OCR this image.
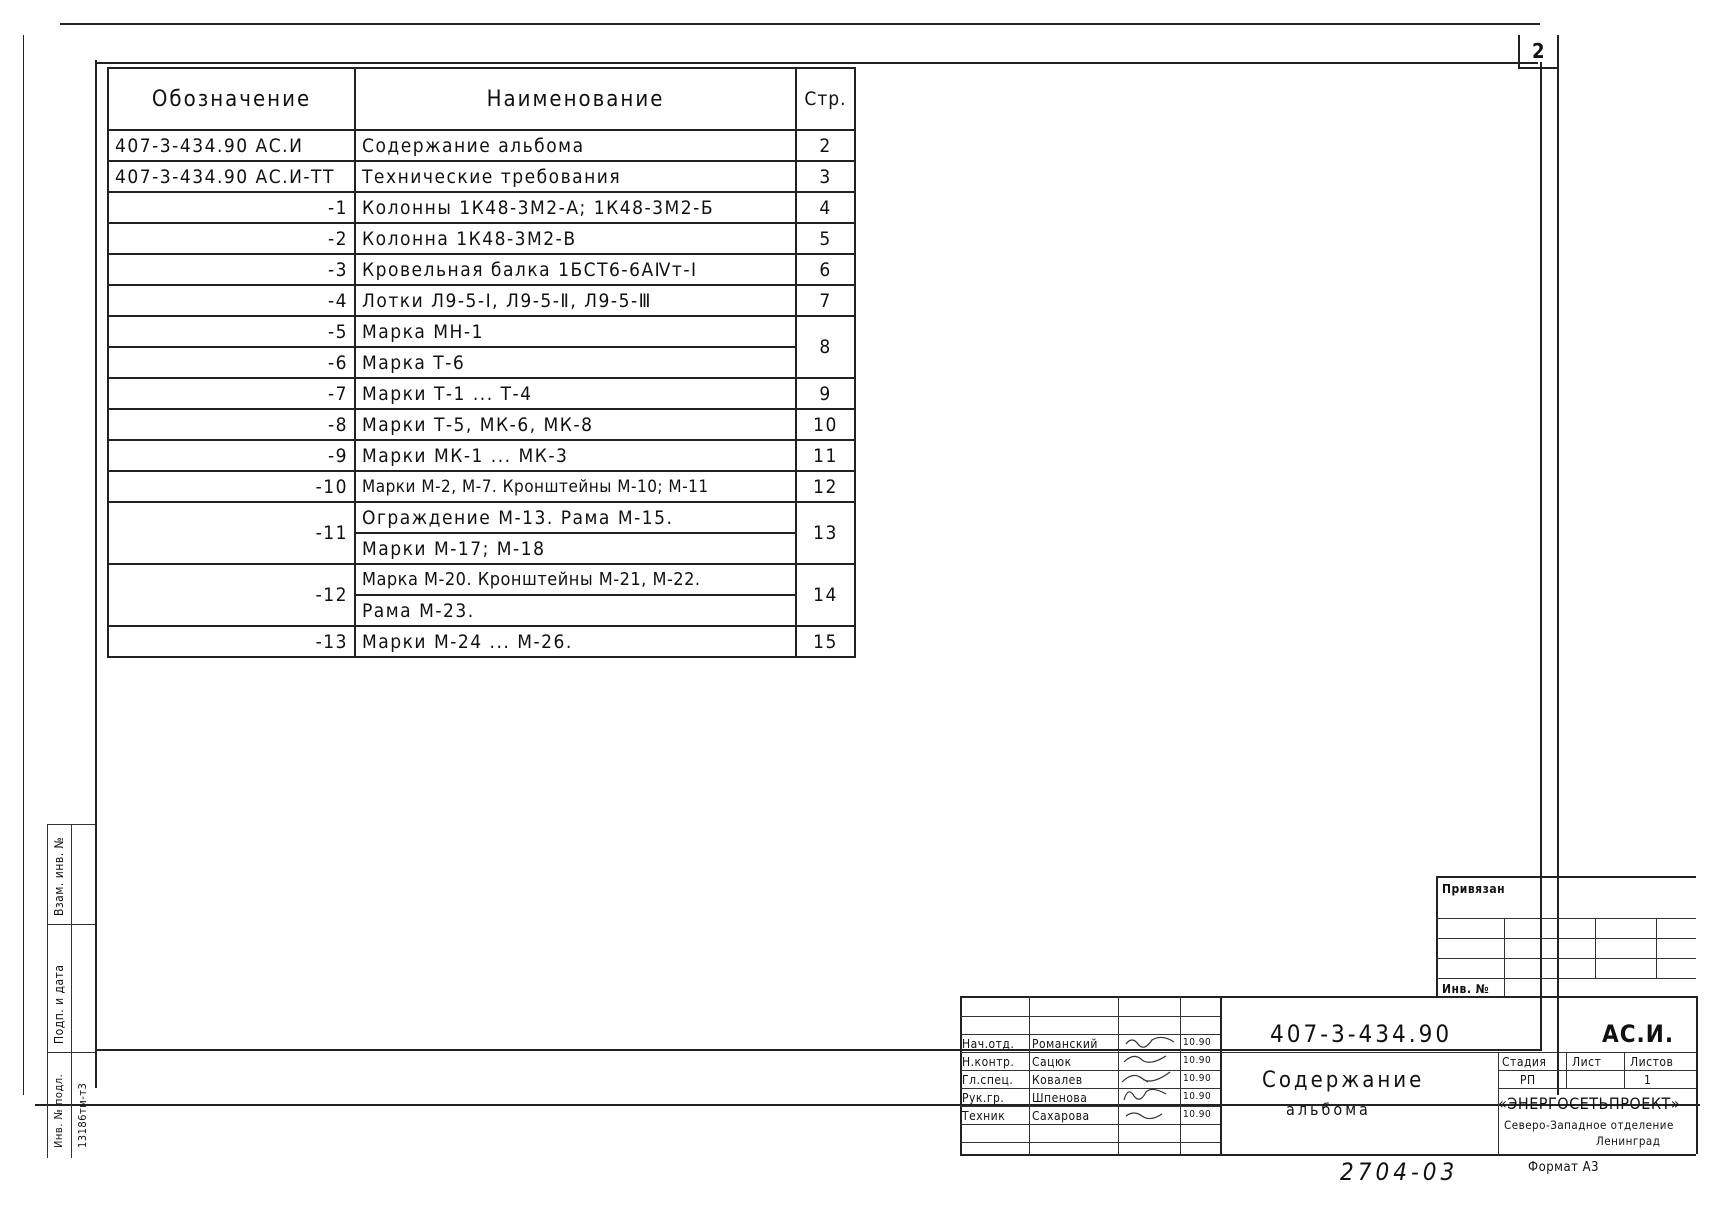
2
Обозначение	Наименование	Стр.
407-3-434.90 АС.И	Содержание альбома	2
407-3-434.90 АС.И-ТТ	Технические требования	3
-1	Колонны 1К48-3М2-А; 1К48-3М2-Б	4
-2	Колонна 1К48-3М2-В	5
-3	Кровельная балка 1БСТ6-6АⅣт-Ⅰ	6
-4	Лотки Л9-5-Ⅰ, Л9-5-Ⅱ, Л9-5-Ⅲ	7
-5	Марка МН-1	8
-6	Марка Т-6	
-7	Марки Т-1 ... Т-4	9
-8	Марки Т-5, МК-6, МК-8	10
-9	Марки МК-1 ... МК-3	11
-10	Марки М-2, М-7. Кронштейны М-10; М-11	12
-11	Ограждение М-13. Рама М-15.	13
	Марки М-17; М-18	
-12	Марка М-20. Кронштейны М-21, М-22.	14
	Рама М-23.	
-13	Марки М-24 ... М-26.	15
Взам. инв. №
Подп. и дата
Инв. № подл. 13186тм-т3
Привязан
Инв. №
Нач.отд. Романский	10.90
Н.контр. Сацюк	10.90
Гл.спец. Ковалев	10.90
Рук.гр. Шпенова	10.90
Техник Сахарова	10.90
407-3-434.90	АС.И.
Содержание
альбома
Стадия Лист Листов
РП	1
«ЭНЕРГОСЕТЬПРОЕКТ»
Северо-Западное отделение
Ленинград
2704-03	Формат А3
